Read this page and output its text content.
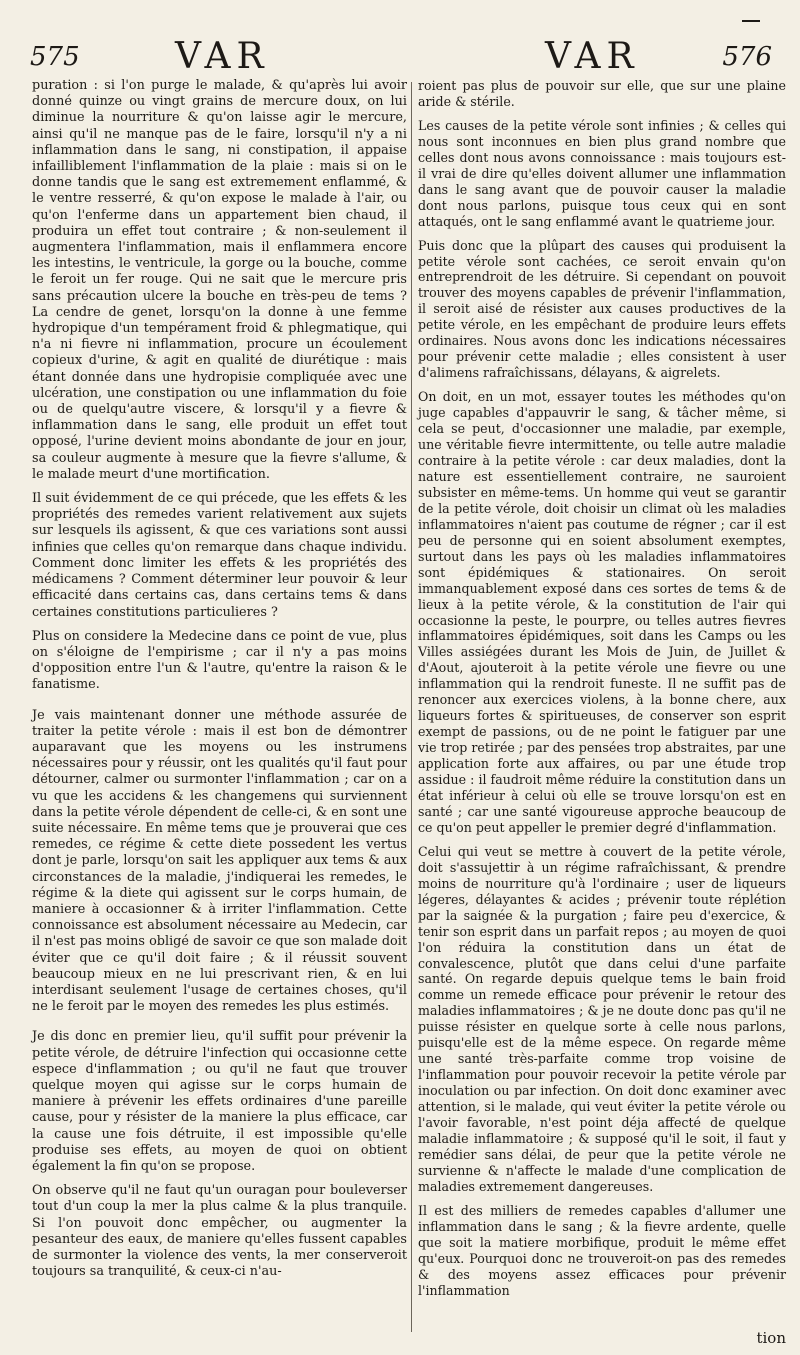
575	VAR	VAR	576

puration : si l'on purge le malade, & qu'après lui avoir donné quinze ou vingt grains de mercure doux, on lui diminue la nourriture & qu'on laisse agir le mercure, ainsi qu'il ne manque pas de le faire, lorsqu'il n'y a ni inflammation dans le sang, ni constipation, il appaise infailliblement l'inflammation de la plaie : mais si on le donne tandis que le sang est extremement enflammé, & le ventre resserré, & qu'on expose le malade à l'air, ou qu'on l'enferme dans un appartement bien chaud, il produira un effet tout contraire ; & non-seulement il augmentera l'inflammation, mais il enflammera encore les intestins, le ventricule, la gorge ou la bouche, comme le feroit un fer rouge. Qui ne sait que le mercure pris sans précaution ulcere la bouche en très-peu de tems ? La cendre de genet, lorsqu'on la donne à une femme hydropique d'un tempérament froid & phlegmatique, qui n'a ni fievre ni inflammation, procure un écoulement copieux d'urine, & agit en qualité de diurétique : mais étant donnée dans une hydropisie compliquée avec une ulcération, une constipation ou une inflammation du foie ou de quelqu'autre viscere, & lorsqu'il y a fievre & inflammation dans le sang, elle produit un effet tout opposé, l'urine devient moins abondante de jour en jour, sa couleur augmente à mesure que la fievre s'allume, & le malade meurt d'une mortification.

Il suit évidemment de ce qui précede, que les effets & les propriétés des remedes varient relativement aux sujets sur lesquels ils agissent, & que ces variations sont aussi infinies que celles qu'on remarque dans chaque individu. Comment donc limiter les effets & les propriétés des médicamens ? Comment déterminer leur pouvoir & leur efficacité dans certains cas, dans certains tems & dans certaines constitutions particulieres ?

Plus on considere la Medecine dans ce point de vue, plus on s'éloigne de l'empirisme ; car il n'y a pas moins d'opposition entre l'un & l'autre, qu'entre la raison & le fanatisme.

Je vais maintenant donner une méthode assurée de traiter la petite vérole : mais il est bon de démontrer auparavant que les moyens ou les instrumens nécessaires pour y réussir, ont les qualités qu'il faut pour détourner, calmer ou surmonter l'inflammation ; car on a vu que les accidens & les changemens qui surviennent dans la petite vérole dépendent de celle-ci, & en sont une suite nécessaire. En même tems que je prouverai que ces remedes, ce régime & cette diete possedent les vertus dont je parle, lorsqu'on sait les appliquer aux tems & aux circonstances de la maladie, j'indiquerai les remedes, le régime & la diete qui agissent sur le corps humain, de maniere à occasionner & à irriter l'inflammation. Cette connoissance est absolument nécessaire au Medecin, car il n'est pas moins obligé de savoir ce que son malade doit éviter que ce qu'il doit faire ; & il réussit souvent beaucoup mieux en ne lui prescrivant rien, & en lui interdisant seulement l'usage de certaines choses, qu'il ne le feroit par le moyen des remedes les plus estimés.

Je dis donc en premier lieu, qu'il suffit pour prévenir la petite vérole, de détruire l'infection qui occasionne cette espece d'inflammation ; ou qu'il ne faut que trouver quelque moyen qui agisse sur le corps humain de maniere à prévenir les effets ordinaires d'une pareille cause, pour y résister de la maniere la plus efficace, car la cause une fois détruite, il est impossible qu'elle produise ses effets, au moyen de quoi on obtient également la fin qu'on se propose.

On observe qu'il ne faut qu'un ouragan pour bouleverser tout d'un coup la mer la plus calme & la plus tranquile. Si l'on pouvoit donc empêcher, ou augmenter la pesanteur des eaux, de maniere qu'elles fussent capables de surmonter la violence des vents, la mer conserveroit toujours sa tranquilité, & ceux-ci n'au-

roient pas plus de pouvoir sur elle, que sur une plaine aride & stérile.

Les causes de la petite vérole sont infinies ; & celles qui nous sont inconnues en bien plus grand nombre que celles dont nous avons connoissance : mais toujours est-il vrai de dire qu'elles doivent allumer une inflammation dans le sang avant que de pouvoir causer la maladie dont nous parlons, puisque tous ceux qui en sont attaqués, ont le sang enflammé avant le quatrieme jour.

Puis donc que la plûpart des causes qui produisent la petite vérole sont cachées, ce seroit envain qu'on entreprendroit de les détruire. Si cependant on pouvoit trouver des moyens capables de prévenir l'inflammation, il seroit aisé de résister aux causes productives de la petite vérole, en les empêchant de produire leurs effets ordinaires. Nous avons donc les indications nécessaires pour prévenir cette maladie ; elles consistent à user d'alimens rafraîchissans, délayans, & aigrelets.

On doit, en un mot, essayer toutes les méthodes qu'on juge capables d'appauvrir le sang, & tâcher même, si cela se peut, d'occasionner une maladie, par exemple, une véritable fievre intermittente, ou telle autre maladie contraire à la petite vérole : car deux maladies, dont la nature est essentiellement contraire, ne sauroient subsister en même-tems. Un homme qui veut se garantir de la petite vérole, doit choisir un climat où les maladies inflammatoires n'aient pas coutume de régner ; car il est peu de personne qui en soient absolument exemptes, surtout dans les pays où les maladies inflammatoires sont épidémiques & stationaires. On seroit immanquablement exposé dans ces sortes de tems & de lieux à la petite vérole, & la constitution de l'air qui occasionne la peste, le pourpre, ou telles autres fievres inflammatoires épidémiques, soit dans les Camps ou les Villes assiégées durant les Mois de Juin, de Juillet & d'Aout, ajouteroit à la petite vérole une fievre ou une inflammation qui la rendroit funeste. Il ne suffit pas de renoncer aux exercices violens, à la bonne chere, aux liqueurs fortes & spiritueuses, de conserver son esprit exempt de passions, ou de ne point le fatiguer par une vie trop retirée ; par des pensées trop abstraites, par une application forte aux affaires, ou par une étude trop assidue : il faudroit même réduire la constitution dans un état inférieur à celui où elle se trouve lorsqu'on est en santé ; car une santé vigoureuse approche beaucoup de ce qu'on peut appeller le premier degré d'inflammation.

Celui qui veut se mettre à couvert de la petite vérole, doit s'assujettir à un régime rafraîchissant, & prendre moins de nourriture qu'à l'ordinaire ; user de liqueurs légeres, délayantes & acides ; prévenir toute réplétion par la saignée & la purgation ; faire peu d'exercice, & tenir son esprit dans un parfait repos ; au moyen de quoi l'on réduira la constitution dans un état de convalescence, plutôt que dans celui d'une parfaite santé. On regarde depuis quelque tems le bain froid comme un remede efficace pour prévenir le retour des maladies inflammatoires ; & je ne doute donc pas qu'il ne puisse résister en quelque sorte à celle nous parlons, puisqu'elle est de la même espece. On regarde même une santé très-parfaite comme trop voisine de l'inflammation pour pouvoir recevoir la petite vérole par inoculation ou par infection. On doit donc examiner avec attention, si le malade, qui veut éviter la petite vérole ou l'avoir favorable, n'est point déja affecté de quelque maladie inflammatoire ; & supposé qu'il le soit, il faut y remédier sans délai, de peur que la petite vérole ne survienne & n'affecte le malade d'une complication de maladies extremement dangereuses.

Il est des milliers de remedes capables d'allumer une inflammation dans le sang ; & la fievre ardente, quelle que soit la matiere morbifique, produit le même effet qu'eux. Pourquoi donc ne trouveroit-on pas des remedes & des moyens assez efficaces pour prévenir l'inflammation

tion
